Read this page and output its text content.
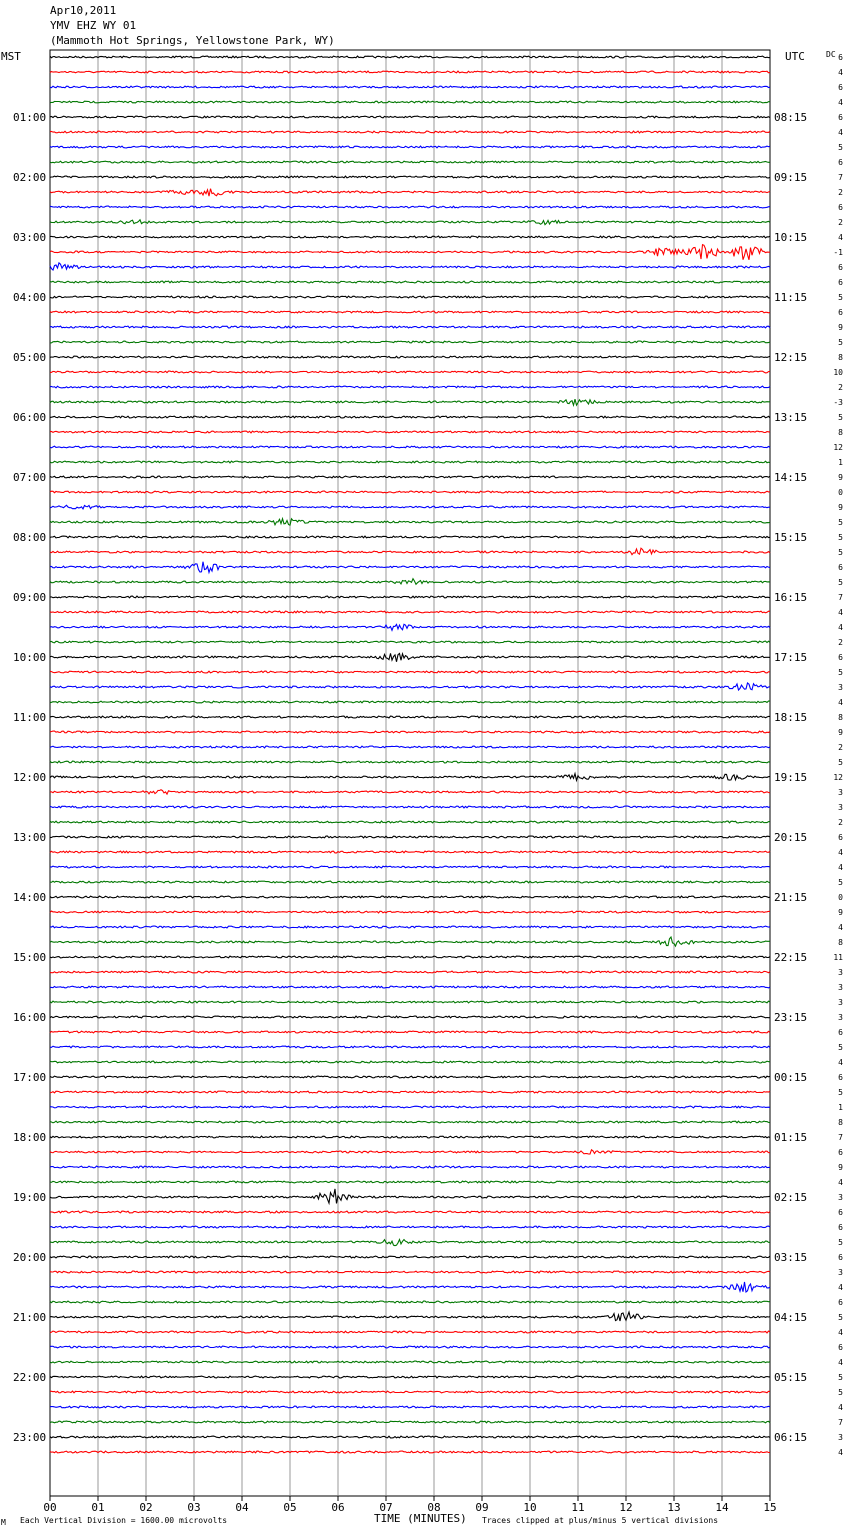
Apr10,2011
YMV EHZ WY 01
(Mammoth Hot Springs, Yellowstone Park, WY)
MST	UTC	DC
01:00
02:00
03:00
04:00
05:00
06:00
07:00
08:00
09:00
10:00
11:00
12:00
13:00
14:00
15:00
16:00
17:00
18:00
19:00
20:00
21:00
22:00
23:00
08:15
09:15
10:15
11:15
12:15
13:15
14:15
15:15
16:15
17:15
18:15
19:15
20:15
21:15
22:15
23:15
00:15
01:15
02:15
03:15
04:15
05:15
06:15
6
4
6
4
6
4
5
6
7
2
6
2
4
-1
6
6
5
6
9
5
8
10
2
-3
5
8
12
1
9
0
9
5
5
5
6
5
7
4
4
2
6
5
3
4
8
9
2
5
12
3
3
2
6
4
4
5
0
9
4
8
11
3
3
3
3
6
5
4
6
5
1
8
7
6
9
4
3
6
6
5
6
3
4
6
5
4
6
4
5
5
4
7
3
4
00	01	02	03	04	05	06	07	08	09	10	11	12	13	14	15
M Each Vertical Division = 1600.00 microvolts	TIME (MINUTES) Traces clipped at plus/minus 5 vertical divisions
